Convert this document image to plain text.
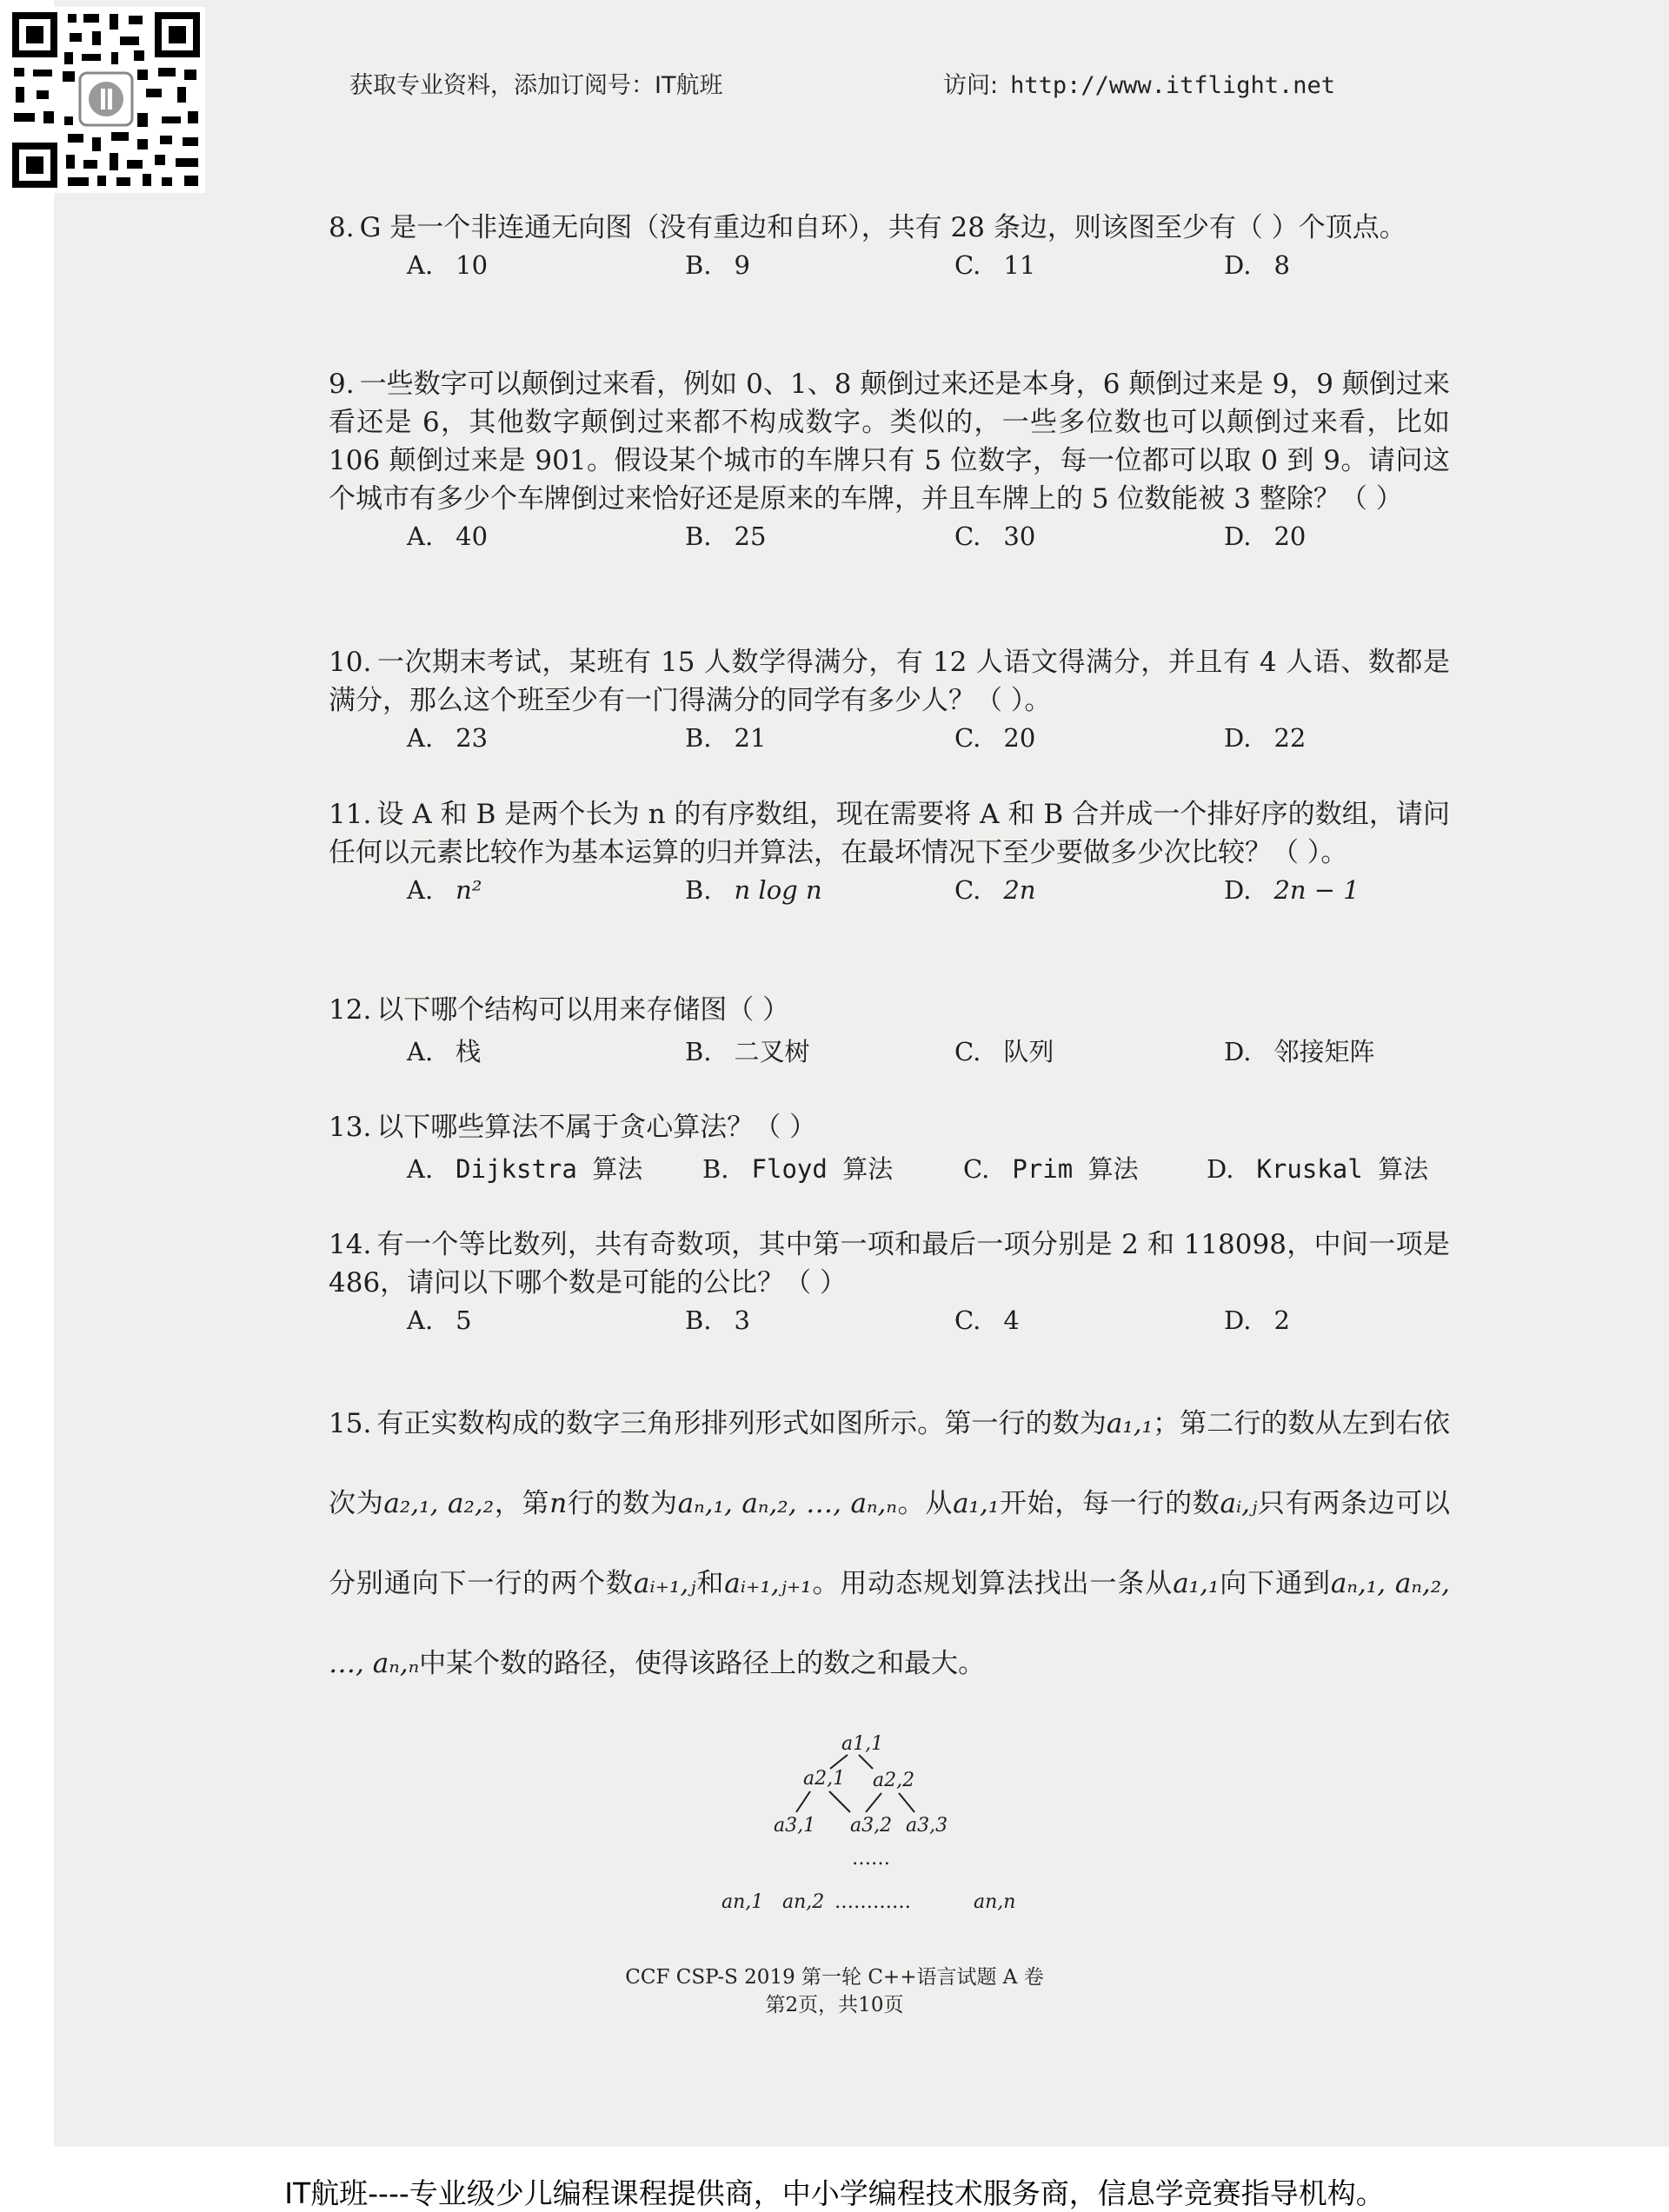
获取专业资料，添加订阅号：IT航班	访问: http://www.itflight.net

8. G 是一个非连通无向图（没有重边和自环），共有 28 条边，则该图至少有（ ）个顶点。

A. 10	B. 9	C. 11	D. 8

9. 一些数字可以颠倒过来看，例如 0、1、8 颠倒过来还是本身，6 颠倒过来是 9，9 颠倒过来看还是 6，其他数字颠倒过来都不构成数字。类似的，一些多位数也可以颠倒过来看，比如 106 颠倒过来是 901。假设某个城市的车牌只有 5 位数字，每一位都可以取 0 到 9。请问这个城市有多少个车牌倒过来恰好还是原来的车牌，并且车牌上的 5 位数能被 3 整除？（ ）

A. 40	B. 25	C. 30	D. 20

10. 一次期末考试，某班有 15 人数学得满分，有 12 人语文得满分，并且有 4 人语、数都是满分，那么这个班至少有一门得满分的同学有多少人？（ ）。

A. 23	B. 21	C. 20	D. 22

11. 设 A 和 B 是两个长为 n 的有序数组，现在需要将 A 和 B 合并成一个排好序的数组，请问任何以元素比较作为基本运算的归并算法，在最坏情况下至少要做多少次比较？（ ）。

A. n²	B. n log n	C. 2n	D. 2n − 1

12. 以下哪个结构可以用来存储图（ ）

A. 栈	B. 二叉树	C. 队列	D. 邻接矩阵

13. 以下哪些算法不属于贪心算法？（ ）

A. Dijkstra 算法 B. Floyd 算法	C. Prim 算法	D. Kruskal 算法

14. 有一个等比数列，共有奇数项，其中第一项和最后一项分别是 2 和 118098，中间一项是 486，请问以下哪个数是可能的公比？（ ）

A. 5	B. 3	C. 4	D. 2

15. 有正实数构成的数字三角形排列形式如图所示。第一行的数为a₁,₁；第二行的数从左到右依次为a₂,₁, a₂,₂，第n行的数为aₙ,₁, aₙ,₂, …, aₙ,ₙ。从a₁,₁开始，每一行的数aᵢ,ⱼ只有两条边可以分别通向下一行的两个数aᵢ₊₁,ⱼ和aᵢ₊₁,ⱼ₊₁。用动态规划算法找出一条从a₁,₁向下通到aₙ,₁, aₙ,₂, …, aₙ,ₙ中某个数的路径，使得该路径上的数之和最大。

a1,1
a2,1 a2,2
a3,1 a3,2 a3,3
……
an,1 an,2 …………	an,n
CCF CSP-S 2019 第一轮 C++语言试题 A 卷
第2页，共10页
IT航班----专业级少儿编程课程提供商，中小学编程技术服务商，信息学竞赛指导机构。
